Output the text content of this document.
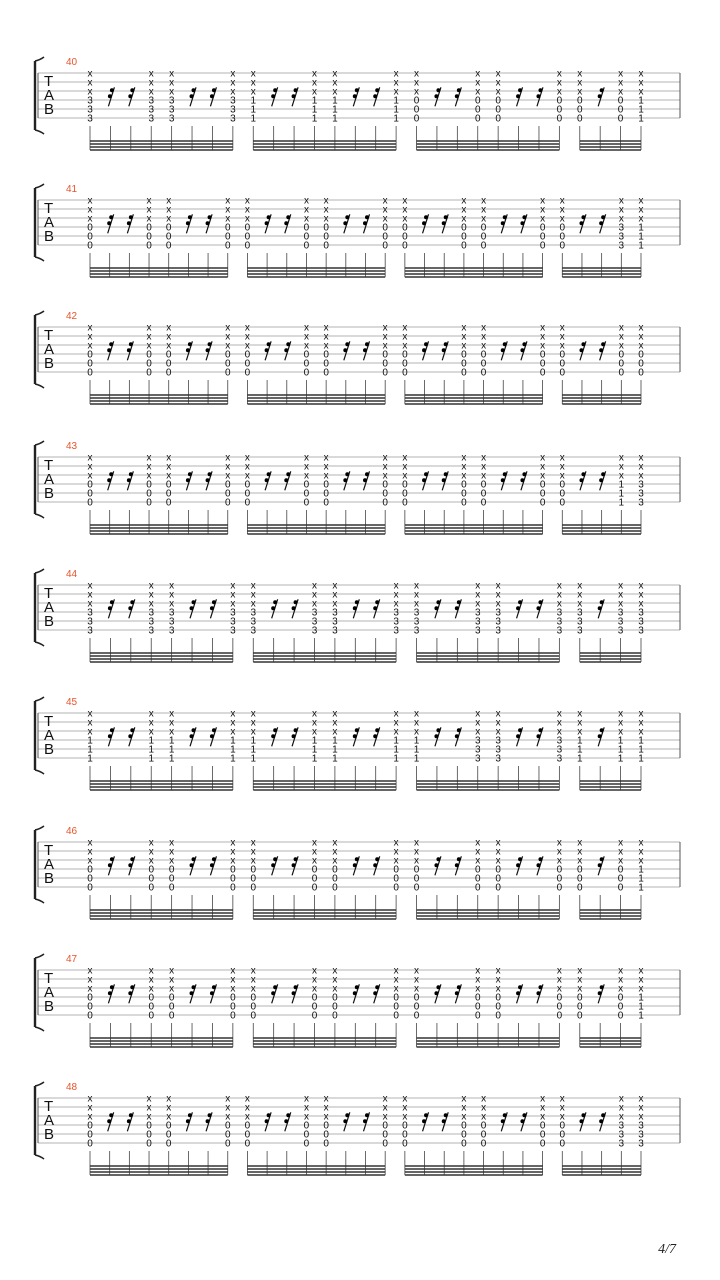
40
T
A
B
x
x
x
3
3
3
x
x
x
3
3
3
x
x
x
3
3
3
x
x
x
3
3
3
x
x
x
1
1
1
x
x
x
1
1
1
x
x
x
1
1
1
x
x
x
1
1
1
x
x
x
0
0
0
x
x
x
0
0
0
x
x
x
0
0
0
x
x
x
0
0
0
x
x
x
0
0
0
x
x
x
0
0
0
x
x
x
1
1
1
41
T
A
B
x
x
x
0
0
0
x
x
x
0
0
0
x
x
x
0
0
0
x
x
x
0
0
0
x
x
x
0
0
0
x
x
x
0
0
0
x
x
x
0
0
0
x
x
x
0
0
0
x
x
x
0
0
0
x
x
x
0
0
0
x
x
x
0
0
0
x
x
x
0
0
0
x
x
x
0
0
0
x
x
x
3
3
3
x
x
x
1
1
1
42
T
A
B
x
x
x
0
0
0
x
x
x
0
0
0
x
x
x
0
0
0
x
x
x
0
0
0
x
x
x
0
0
0
x
x
x
0
0
0
x
x
x
0
0
0
x
x
x
0
0
0
x
x
x
0
0
0
x
x
x
0
0
0
x
x
x
0
0
0
x
x
x
0
0
0
x
x
x
0
0
0
x
x
x
0
0
0
x
x
x
0
0
0
43
T
A
B
x
x
x
0
0
0
x
x
x
0
0
0
x
x
x
0
0
0
x
x
x
0
0
0
x
x
x
0
0
0
x
x
x
0
0
0
x
x
x
0
0
0
x
x
x
0
0
0
x
x
x
0
0
0
x
x
x
0
0
0
x
x
x
0
0
0
x
x
x
0
0
0
x
x
x
0
0
0
x
x
x
1
1
1
x
x
x
3
3
3
44
T
A
B
x
x
x
3
3
3
x
x
x
3
3
3
x
x
x
3
3
3
x
x
x
3
3
3
x
x
x
3
3
3
x
x
x
3
3
3
x
x
x
3
3
3
x
x
x
3
3
3
x
x
x
3
3
3
x
x
x
3
3
3
x
x
x
3
3
3
x
x
x
3
3
3
x
x
x
3
3
3
x
x
x
3
3
3
x
x
x
3
3
3
45
T
A
B
x
x
x
1
1
1
x
x
x
1
1
1
x
x
x
1
1
1
x
x
x
1
1
1
x
x
x
1
1
1
x
x
x
1
1
1
x
x
x
1
1
1
x
x
x
1
1
1
x
x
x
1
1
1
x
x
x
3
3
3
x
x
x
3
3
3
x
x
x
3
3
3
x
x
x
1
1
1
x
x
x
1
1
1
x
x
x
1
1
1
46
T
A
B
x
x
x
0
0
0
x
x
x
0
0
0
x
x
x
0
0
0
x
x
x
0
0
0
x
x
x
0
0
0
x
x
x
0
0
0
x
x
x
0
0
0
x
x
x
0
0
0
x
x
x
0
0
0
x
x
x
0
0
0
x
x
x
0
0
0
x
x
x
0
0
0
x
x
x
0
0
0
x
x
x
0
0
0
x
x
x
1
1
1
47
T
A
B
x
x
x
0
0
0
x
x
x
0
0
0
x
x
x
0
0
0
x
x
x
0
0
0
x
x
x
0
0
0
x
x
x
0
0
0
x
x
x
0
0
0
x
x
x
0
0
0
x
x
x
0
0
0
x
x
x
0
0
0
x
x
x
0
0
0
x
x
x
0
0
0
x
x
x
0
0
0
x
x
x
0
0
0
x
x
x
1
1
1
48
T
A
B
x
x
x
0
0
0
x
x
x
0
0
0
x
x
x
0
0
0
x
x
x
0
0
0
x
x
x
0
0
0
x
x
x
0
0
0
x
x
x
0
0
0
x
x
x
0
0
0
x
x
x
0
0
0
x
x
x
0
0
0
x
x
x
0
0
0
x
x
x
0
0
0
x
x
x
0
0
0
x
x
x
3
3
3
x
x
x
3
3
3
4/7
